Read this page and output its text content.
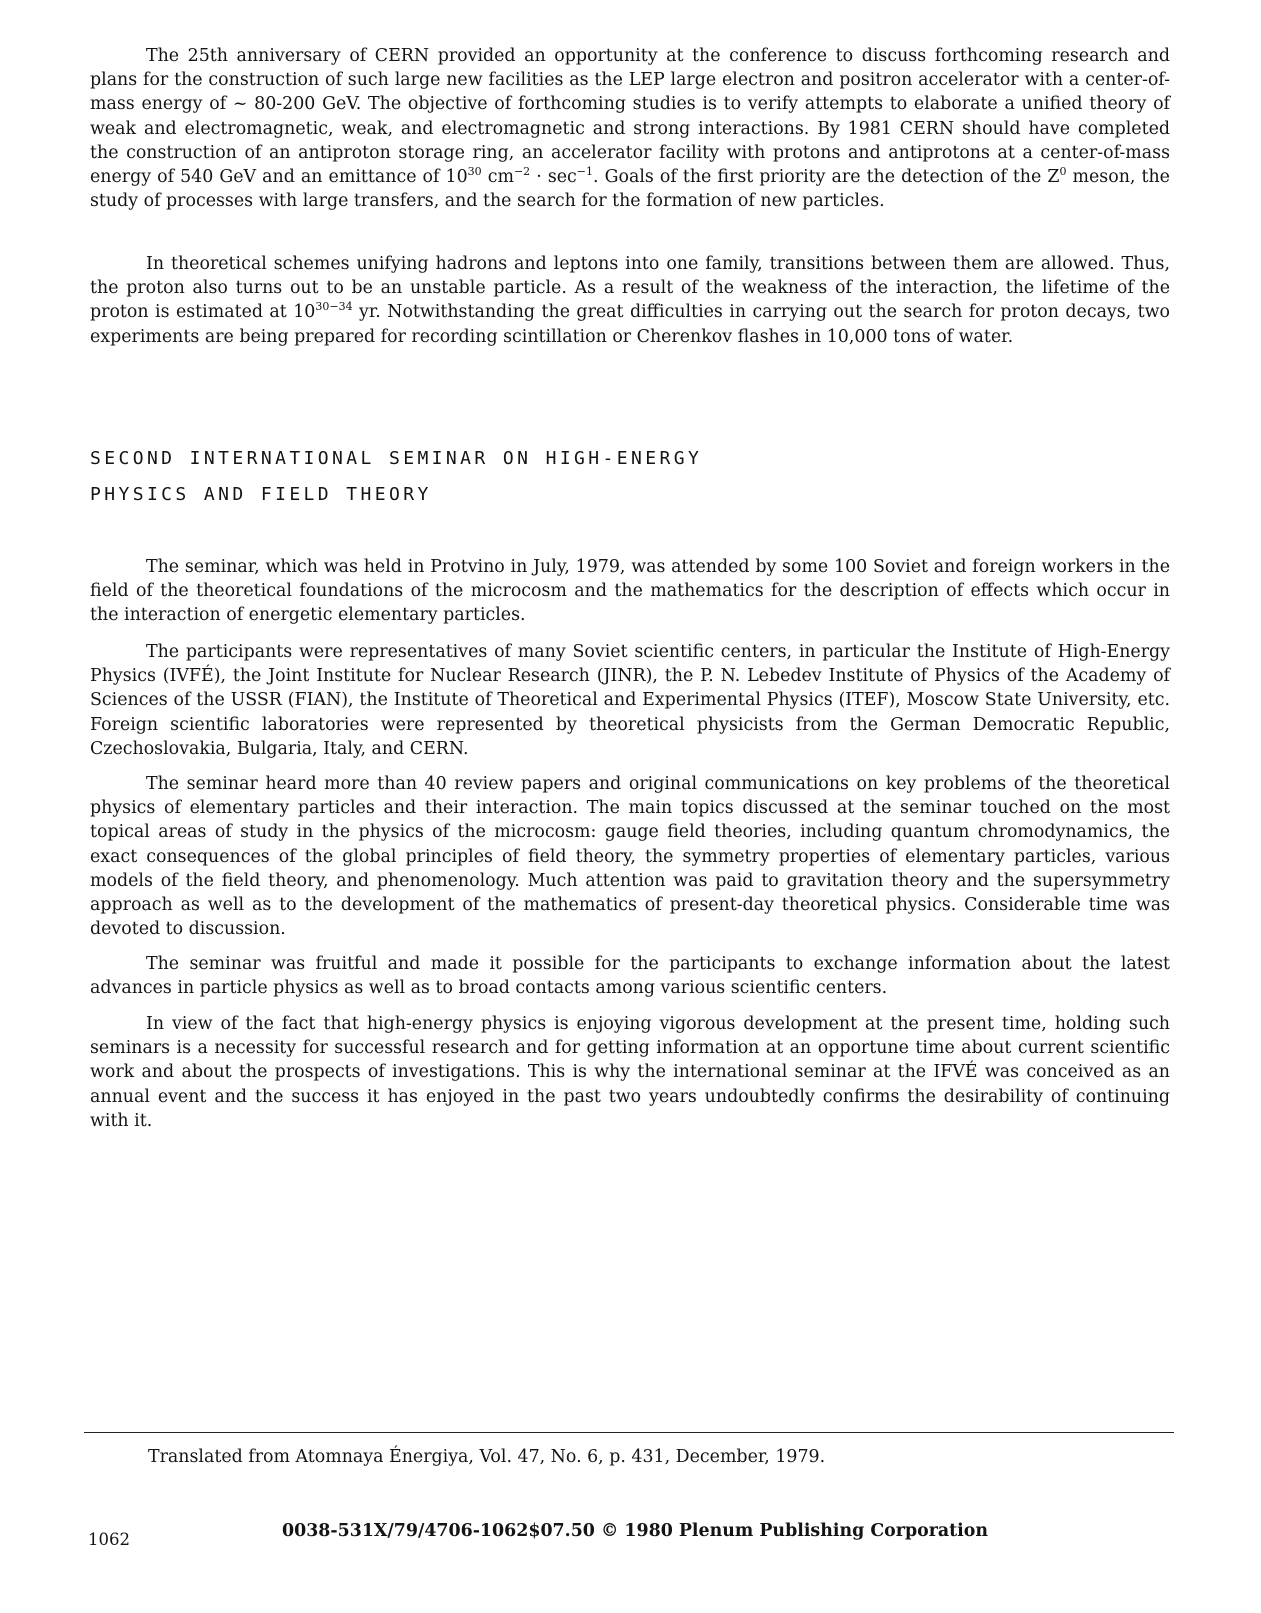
The 25th anniversary of CERN provided an opportunity at the conference to discuss forthcoming research and plans for the construction of such large new facilities as the LEP large electron and positron accelerator with a center-of-mass energy of ~ 80-200 GeV. The objective of forthcoming studies is to verify attempts to elaborate a unified theory of weak and electromagnetic, weak, and electromagnetic and strong interactions. By 1981 CERN should have completed the construction of an antiproton storage ring, an accelerator facility with protons and antiprotons at a center-of-mass energy of 540 GeV and an emittance of $10^{30}$ $cm^{-2} \cdot \sec^{-1}$. Goals of the first priority are the detection of the $Z^0$ meson, the study of processes with large transfers, and the search for the formation of new particles.

In theoretical schemes unifying hadrons and leptons into one family, transitions between them are allowed. Thus, the proton also turns out to be an unstable particle. As a result of the weakness of the interaction, the lifetime of the proton is estimated at $10^{30-34}$ yr. Notwithstanding the great difficulties in carrying out the search for proton decays, two experiments are being prepared for recording scintillation or Cherenkov flashes in 10,000 tons of water.

SECOND INTERNATIONAL SEMINAR ON HIGH-ENERGY

PHYSICS AND FIELD THEORY

The seminar, which was held in Protvino in July, 1979, was attended by some 100 Soviet and foreign workers in the field of the theoretical foundations of the microcosm and the mathematics for the description of effects which occur in the interaction of energetic elementary particles.

The participants were representatives of many Soviet scientific centers, in particular the Institute of High-Energy Physics (IVFÉ), the Joint Institute for Nuclear Research (JINR), the P. N. Lebedev Institute of Physics of the Academy of Sciences of the USSR (FIAN), the Institute of Theoretical and Experimental Physics (ITEF), Moscow State University, etc. Foreign scientific laboratories were represented by theoretical physicists from the German Democratic Republic, Czechoslovakia, Bulgaria, Italy, and CERN.

The seminar heard more than 40 review papers and original communications on key problems of the theoretical physics of elementary particles and their interaction. The main topics discussed at the seminar touched on the most topical areas of study in the physics of the microcosm: gauge field theories, including quantum chromodynamics, the exact consequences of the global principles of field theory, the symmetry properties of elementary particles, various models of the field theory, and phenomenology. Much attention was paid to gravitation theory and the supersymmetry approach as well as to the development of the mathematics of present-day theoretical physics. Considerable time was devoted to discussion.

The seminar was fruitful and made it possible for the participants to exchange information about the latest advances in particle physics as well as to broad contacts among various scientific centers.

In view of the fact that high-energy physics is enjoying vigorous development at the present time, holding such seminars is a necessity for successful research and for getting information at an opportune time about current scientific work and about the prospects of investigations. This is why the international seminar at the IFVÉ was conceived as an annual event and the success it has enjoyed in the past two years undoubtedly confirms the desirability of continuing with it.

Translated from Atomnaya Énergiya, Vol. 47, No. 6, p. 431, December, 1979.
1062	0038-531X/79/4706-1062$07.50 © 1980 Plenum Publishing Corporation
